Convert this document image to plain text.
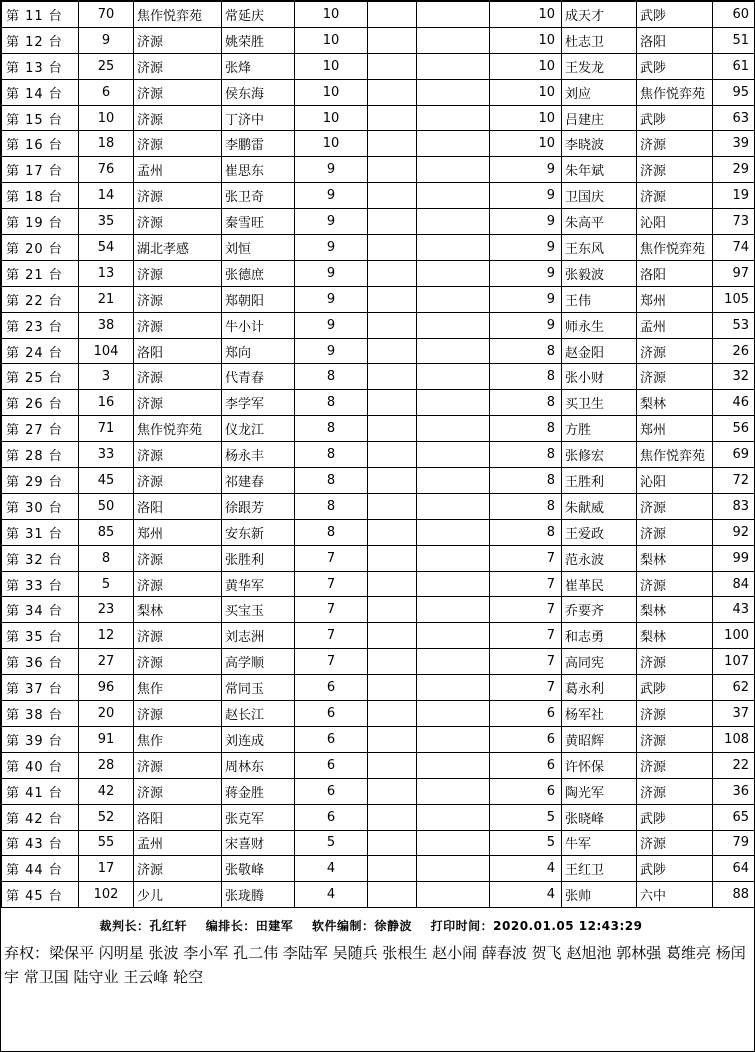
第 11 台	70	焦作悦弈苑	常延庆	10			10	成天才	武陟	60
第 12 台	9	济源	姚荣胜	10			10	杜志卫	洛阳	51
第 13 台	25	济源	张烽	10			10	王发龙	武陟	61
第 14 台	6	济源	侯东海	10			10	刘应	焦作悦弈苑	95
第 15 台	10	济源	丁济中	10			10	吕建庄	武陟	63
第 16 台	18	济源	李鹏雷	10			10	李晓波	济源	39
第 17 台	76	孟州	崔思东	9			9	朱年斌	济源	29
第 18 台	14	济源	张卫奇	9			9	卫国庆	济源	19
第 19 台	35	济源	秦雪旺	9			9	朱高平	沁阳	73
第 20 台	54	湖北孝感	刘恒	9			9	王东风	焦作悦弈苑	74
第 21 台	13	济源	张德庶	9			9	张毅波	洛阳	97
第 22 台	21	济源	郑朝阳	9			9	王伟	郑州	105
第 23 台	38	济源	牛小计	9			9	师永生	孟州	53
第 24 台	104	洛阳	郑向	9			8	赵金阳	济源	26
第 25 台	3	济源	代青春	8			8	张小财	济源	32
第 26 台	16	济源	李学军	8			8	买卫生	梨林	46
第 27 台	71	焦作悦弈苑	仪龙江	8			8	方胜	郑州	56
第 28 台	33	济源	杨永丰	8			8	张修宏	焦作悦弈苑	69
第 29 台	45	济源	祁建春	8			8	王胜利	沁阳	72
第 30 台	50	洛阳	徐跟芳	8			8	朱献威	济源	83
第 31 台	85	郑州	安东新	8			8	王爱政	济源	92
第 32 台	8	济源	张胜利	7			7	范永波	梨林	99
第 33 台	5	济源	黄华军	7			7	崔革民	济源	84
第 34 台	23	梨林	买宝玉	7			7	乔要齐	梨林	43
第 35 台	12	济源	刘志洲	7			7	和志勇	梨林	100
第 36 台	27	济源	高学顺	7			7	高同宪	济源	107
第 37 台	96	焦作	常同玉	6			7	葛永利	武陟	62
第 38 台	20	济源	赵长江	6			6	杨军社	济源	37
第 39 台	91	焦作	刘连成	6			6	黄昭辉	济源	108
第 40 台	28	济源	周林东	6			6	许怀保	济源	22
第 41 台	42	济源	蒋金胜	6			6	陶光军	济源	36
第 42 台	52	洛阳	张克军	6			5	张晓峰	武陟	65
第 43 台	55	孟州	宋喜财	5			5	牛军	济源	79
第 44 台	17	济源	张敬峰	4			4	王红卫	武陟	64
第 45 台	102	少儿	张珑腾	4			4	张帅	六中	88
裁判长：孔红轩 编排长：田建军 软件编制：徐静波 打印时间：2020.01.05 12:43:29
弃权：梁保平 闪明星 张波 李小军 孔二伟 李陆军 吴随兵 张根生 赵小闹 薛春波 贺飞 赵旭池 郭林强 葛维亮 杨闰宇 常卫国 陆守业 王云峰 轮空
